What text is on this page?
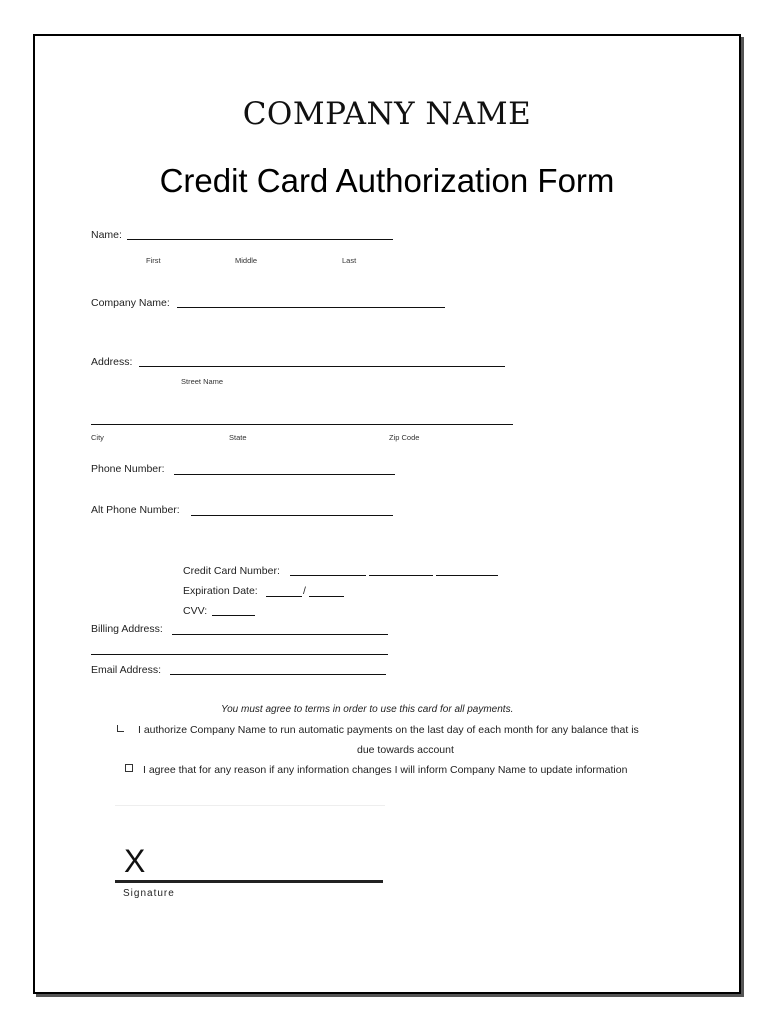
COMPANY NAME
Credit Card Authorization Form
Name:
First	Middle	Last
Company Name:
Address:
Street Name
City	State	Zip Code
Phone Number:
Alt Phone Number:
Credit Card Number:
Expiration Date:	/
CVV:
Billing Address:
Email Address:
You must agree to terms in order to use this card for all payments.
I authorize Company Name to run automatic payments on the last day of each month for any balance that is
due towards account
I agree that for any reason if any information changes I will inform Company Name to update information
X
Signature
